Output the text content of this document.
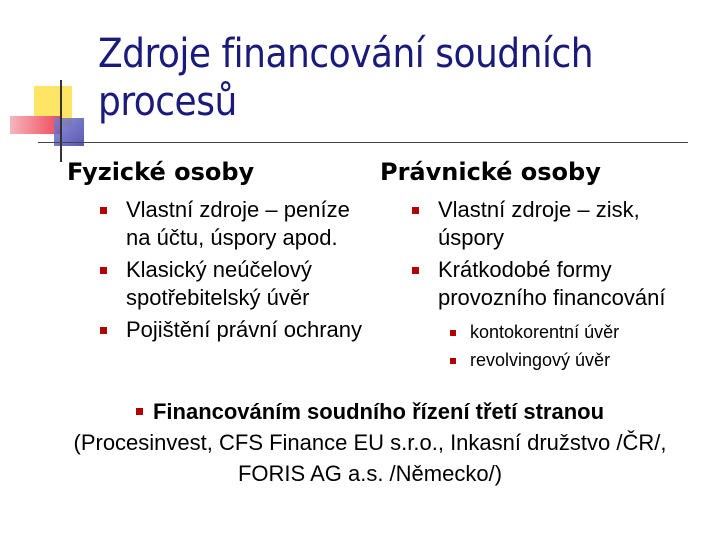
Zdroje financování soudních
procesů
Fyzické osoby
Vlastní zdroje – peníze na účtu, úspory apod.
Klasický neúčelový spotřebitelský úvěr
Pojištění právní ochrany
Právnické osoby
Vlastní zdroje – zisk, úspory
Krátkodobé formy provozního financování
kontokorentní úvěr
revolvingový úvěr
Financováním soudního řízení třetí stranou
(Procesinvest, CFS Finance EU s.r.o., Inkasní družstvo /ČR/,
FORIS AG a.s. /Německo/)
